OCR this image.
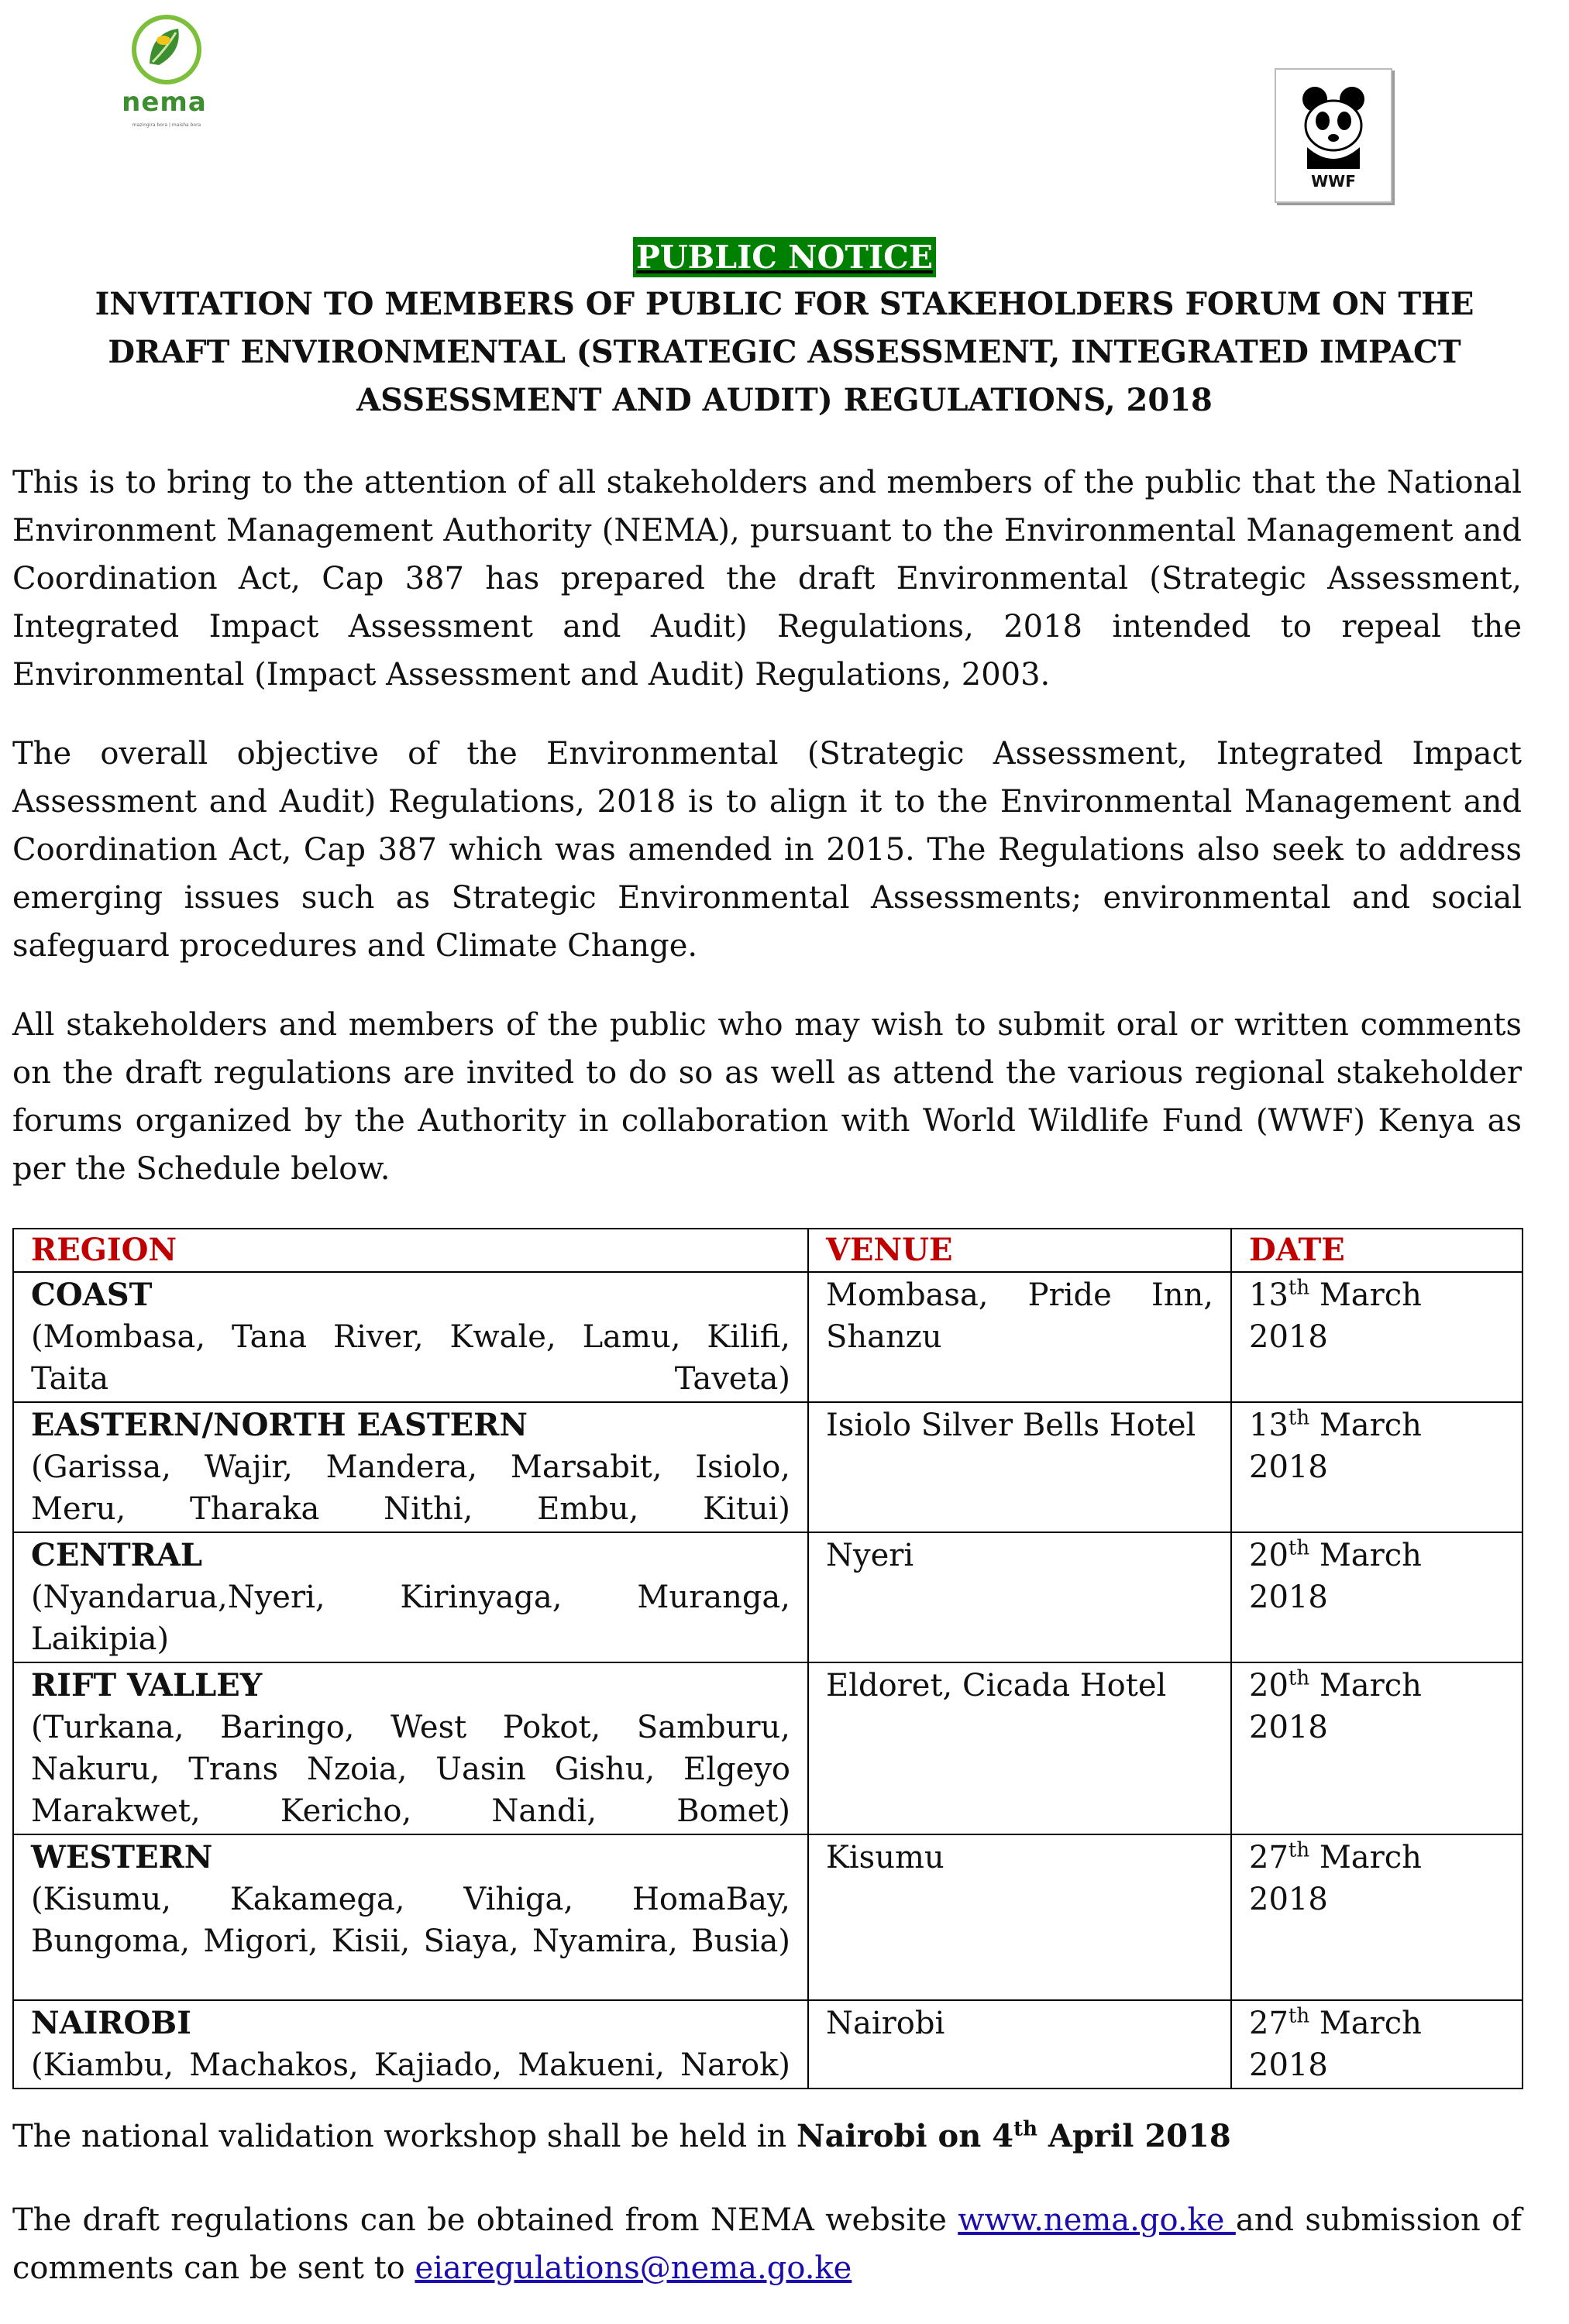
nema
mazingira bora | maisha bora
WWF
PUBLIC NOTICE
INVITATION TO MEMBERS OF PUBLIC FOR STAKEHOLDERS FORUM ON THE
DRAFT ENVIRONMENTAL (STRATEGIC ASSESSMENT, INTEGRATED IMPACT
ASSESSMENT AND AUDIT) REGULATIONS, 2018
This is to bring to the attention of all stakeholders and members of the public that the National Environment Management Authority (NEMA), pursuant to the Environmental Management and Coordination Act, Cap 387 has prepared the draft Environmental (Strategic Assessment, Integrated Impact Assessment and Audit) Regulations, 2018 intended to repeal the Environmental (Impact Assessment and Audit) Regulations, 2003.
The overall objective of the Environmental (Strategic Assessment, Integrated Impact Assessment and Audit) Regulations, 2018 is to align it to the Environmental Management and Coordination Act, Cap 387 which was amended in 2015. The Regulations also seek to address emerging issues such as Strategic Environmental Assessments; environmental and social safeguard procedures and Climate Change.
All stakeholders and members of the public who may wish to submit oral or written comments on the draft regulations are invited to do so as well as attend the various regional stakeholder forums organized by the Authority in collaboration with World Wildlife Fund (WWF) Kenya as per the Schedule below.
REGION	VENUE	DATE

COAST
(Mombasa, Tana River, Kwale, Lamu, Kilifi, Taita Taveta)	Mombasa, Pride Inn, Shanzu	13th March 2018

EASTERN/NORTH EASTERN
(Garissa, Wajir, Mandera, Marsabit, Isiolo, Meru, Tharaka Nithi, Embu, Kitui)	Isiolo Silver Bells Hotel	13th March 2018

CENTRAL
(Nyandarua,Nyeri, Kirinyaga, Muranga, Laikipia)	Nyeri	20th March 2018

RIFT VALLEY
(Turkana, Baringo, West Pokot, Samburu, Nakuru, Trans Nzoia, Uasin Gishu, Elgeyo Marakwet, Kericho, Nandi, Bomet)	Eldoret, Cicada Hotel	20th March 2018

WESTERN
(Kisumu, Kakamega, Vihiga, HomaBay, Bungoma, Migori, Kisii, Siaya, Nyamira, Busia)	Kisumu	27th March 2018

NAIROBI
(Kiambu, Machakos, Kajiado, Makueni, Narok)	Nairobi	27th March 2018
The national validation workshop shall be held in Nairobi on 4th April 2018
The draft regulations can be obtained from NEMA website www.nema.go.ke and submission of comments can be sent to eiaregulations@nema.go.ke
